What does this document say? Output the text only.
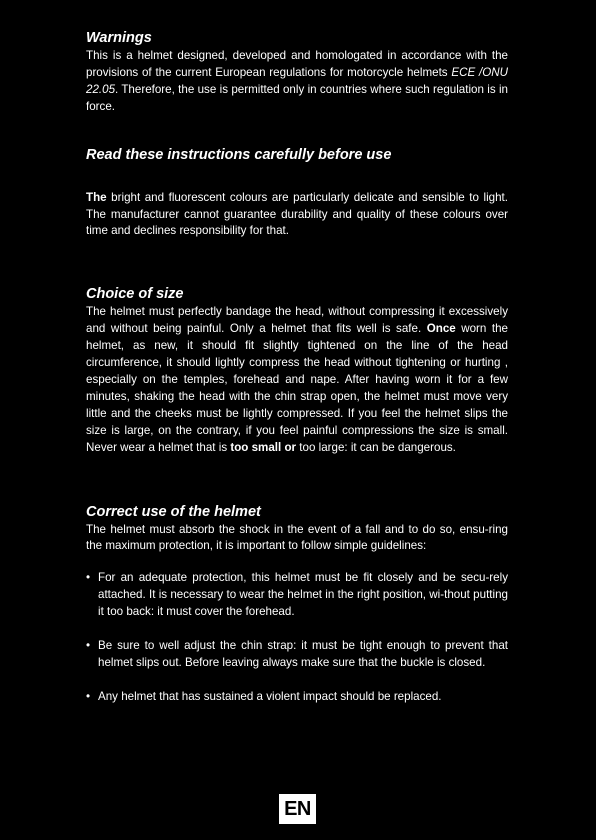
Warnings

This is a helmet designed, developed and homologated in accordance with the provisions of the current European regulations for motorcycle helmets ECE /ONU 22.05. Therefore, the use is permitted only in countries where such regulation is in force.

Read these instructions carefully before use

The bright and fluorescent colours are particularly delicate and sensible to light. The manufacturer cannot guarantee durability and quality of these colours over time and declines responsibility for that.

Choice of size

The helmet must perfectly bandage the head, without compressing it excessively and without being painful. Only a helmet that fits well is safe. Once worn the helmet, as new, it should fit slightly tightened on the line of the head circumference, it should lightly compress the head without tightening or hurting , especially on the temples, forehead and nape. After having worn it for a few minutes, shaking the head with the chin strap open, the helmet must move very little and the cheeks must be lightly compressed. If you feel the helmet slips the size is large, on the contrary, if you feel painful compressions the size is small. Never wear a helmet that is too small or too large: it can be dangerous.

Correct use of the helmet

The helmet must absorb the shock in the event of a fall and to do so, ensu-ring the maximum protection, it is important to follow simple guidelines:

• For an adequate protection, this helmet must be fit closely and be secu-rely attached. It is necessary to wear the helmet in the right position, wi-thout putting it too back: it must cover the forehead.
• Be sure to well adjust the chin strap: it must be tight enough to prevent that helmet slips out. Before leaving always make sure that the buckle is closed.
• Any helmet that has sustained a violent impact should be replaced.
EN
